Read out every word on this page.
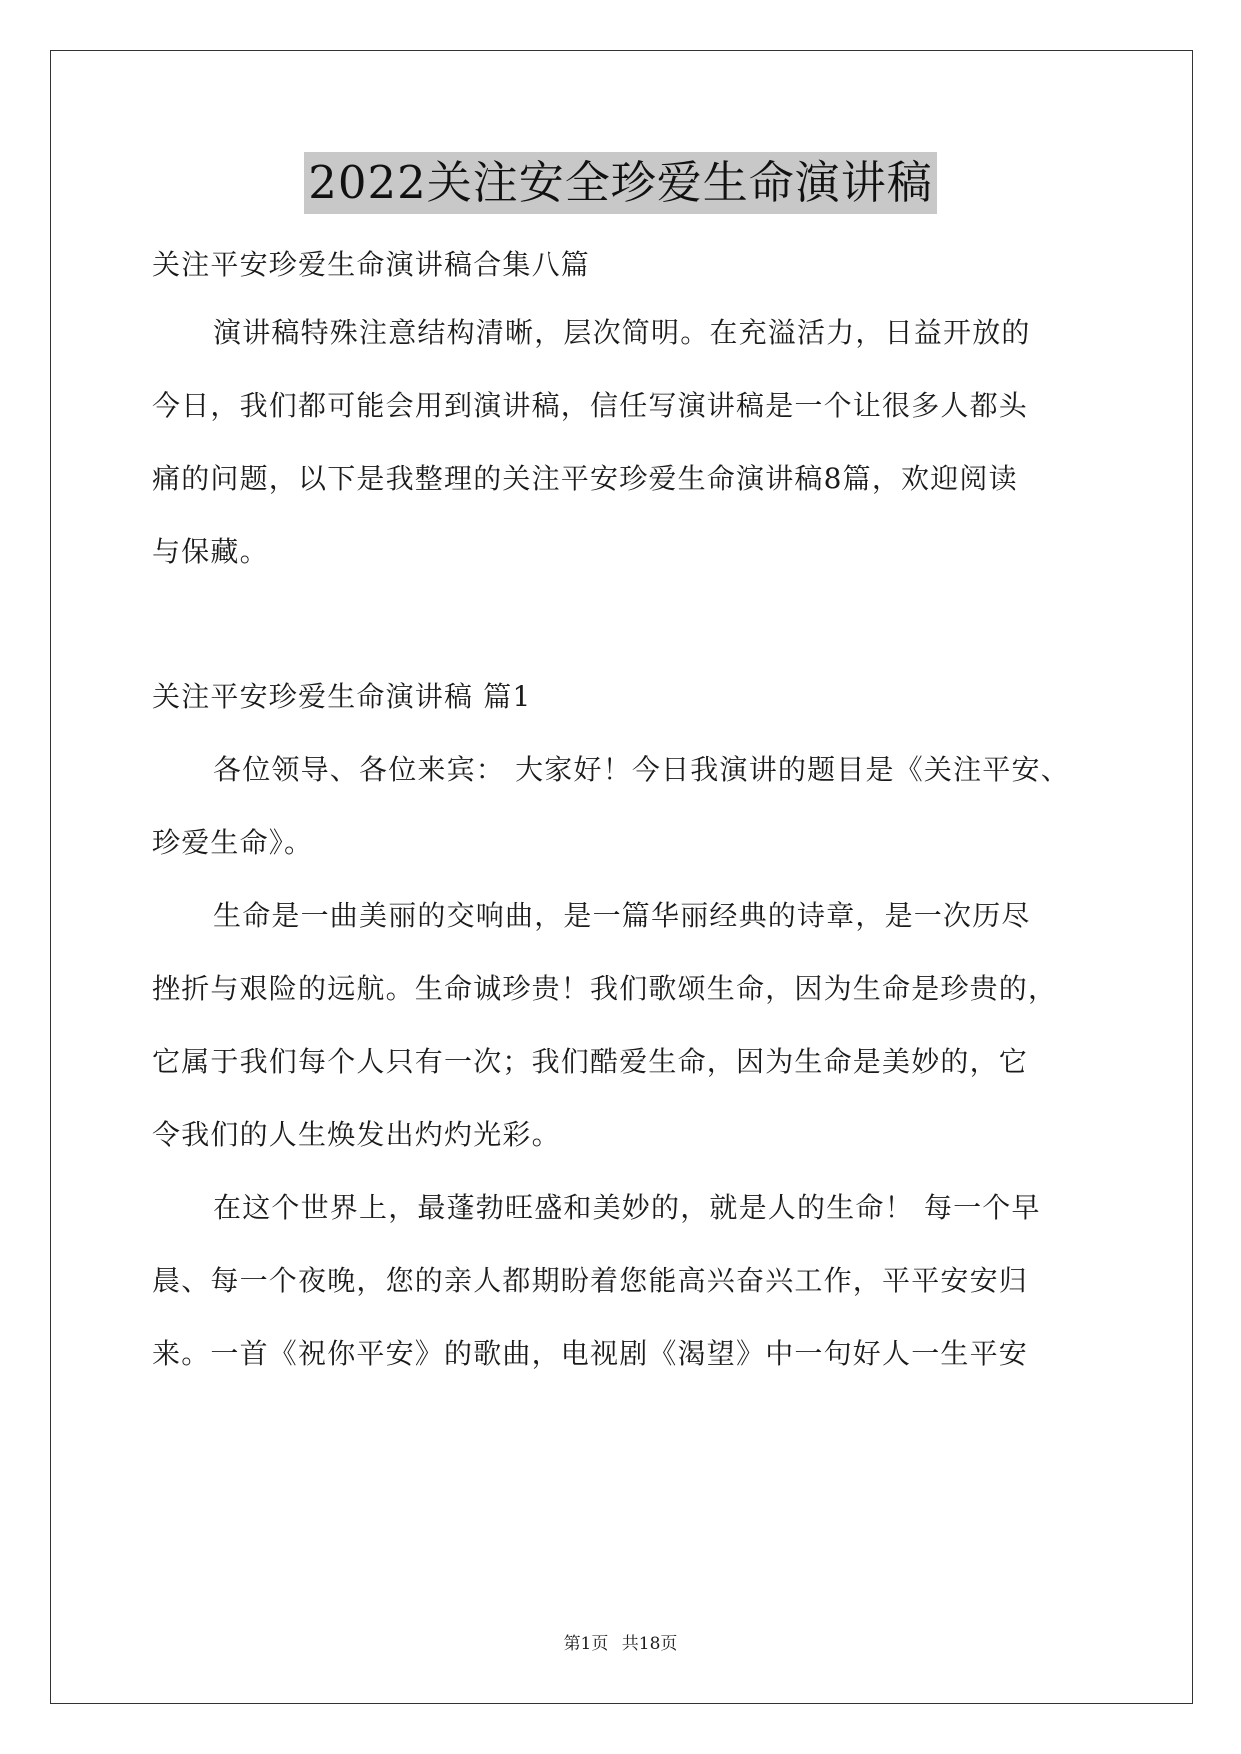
2022关注安全珍爱生命演讲稿
关注平安珍爱生命演讲稿合集八篇
演讲稿特殊注意结构清晰，层次简明。在充溢活力，日益开放的
今日，我们都可能会用到演讲稿，信任写演讲稿是一个让很多人都头
痛的问题，以下是我整理的关注平安珍爱生命演讲稿8篇，欢迎阅读
与保藏。
关注平安珍爱生命演讲稿 篇1
各位领导、各位来宾： 大家好！今日我演讲的题目是《关注平安、
珍爱生命》。
生命是一曲美丽的交响曲，是一篇华丽经典的诗章，是一次历尽
挫折与艰险的远航。生命诚珍贵！我们歌颂生命，因为生命是珍贵的，
它属于我们每个人只有一次；我们酷爱生命，因为生命是美妙的，它
令我们的人生焕发出灼灼光彩。
在这个世界上，最蓬勃旺盛和美妙的，就是人的生命！ 每一个早
晨、每一个夜晚，您的亲人都期盼着您能高兴奋兴工作，平平安安归
来。一首《祝你平安》的歌曲，电视剧《渴望》中一句好人一生平安
第1页 共18页
